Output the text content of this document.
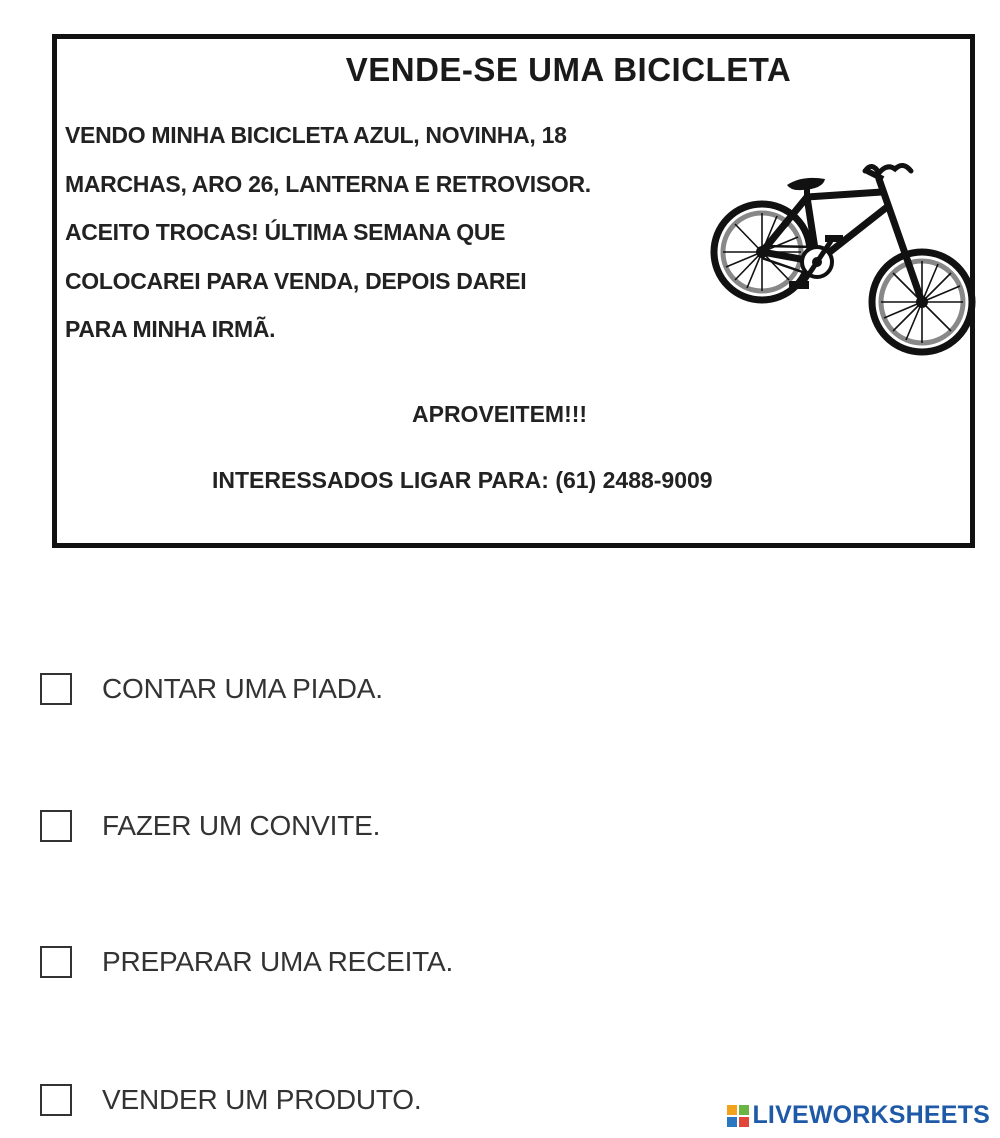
VENDE-SE UMA BICICLETA
VENDO MINHA BICICLETA AZUL, NOVINHA, 18
MARCHAS, ARO 26, LANTERNA E RETROVISOR.
ACEITO TROCAS! ÚLTIMA SEMANA QUE
COLOCAREI PARA VENDA, DEPOIS DAREI
PARA MINHA IRMÃ.
APROVEITEM!!!
INTERESSADOS LIGAR PARA: (61) 2488-9009
CONTAR UMA PIADA.
FAZER UM CONVITE.
PREPARAR UMA RECEITA.
VENDER UM PRODUTO.	LIVEWORKSHEETS
